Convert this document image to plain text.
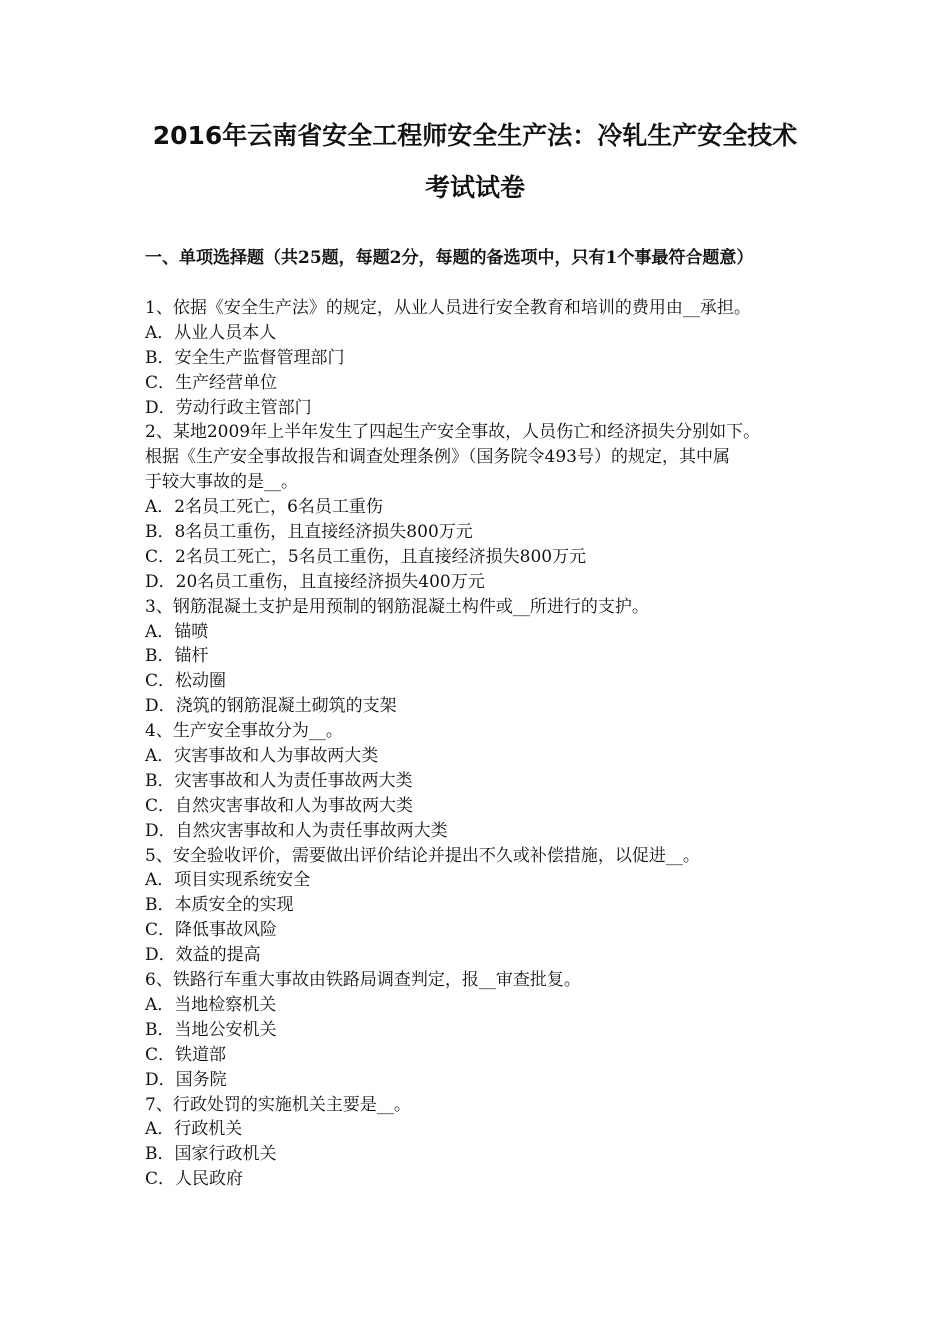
2016年云南省安全工程师安全生产法：冷轧生产安全技术
考试试卷
一、单项选择题（共25题，每题2分，每题的备选项中，只有1个事最符合题意）
1、依据《安全生产法》的规定，从业人员进行安全教育和培训的费用由__承担。
A．从业人员本人
B．安全生产监督管理部门
C．生产经营单位
D．劳动行政主管部门
2、某地2009年上半年发生了四起生产安全事故，人员伤亡和经济损失分别如下。
根据《生产安全事故报告和调查处理条例》（国务院令493号）的规定，其中属
于较大事故的是__。
A．2名员工死亡，6名员工重伤
B．8名员工重伤，且直接经济损失800万元
C．2名员工死亡，5名员工重伤，且直接经济损失800万元
D．20名员工重伤，且直接经济损失400万元
3、钢筋混凝土支护是用预制的钢筋混凝土构件或__所进行的支护。
A．锚喷
B．锚杆
C．松动圈
D．浇筑的钢筋混凝土砌筑的支架
4、生产安全事故分为__。
A．灾害事故和人为事故两大类
B．灾害事故和人为责任事故两大类
C．自然灾害事故和人为事故两大类
D．自然灾害事故和人为责任事故两大类
5、安全验收评价，需要做出评价结论并提出不久或补偿措施，以促进__。
A．项目实现系统安全
B．本质安全的实现
C．降低事故风险
D．效益的提高
6、铁路行车重大事故由铁路局调查判定，报__审查批复。
A．当地检察机关
B．当地公安机关
C．铁道部
D．国务院
7、行政处罚的实施机关主要是__。
A．行政机关
B．国家行政机关
C．人民政府
